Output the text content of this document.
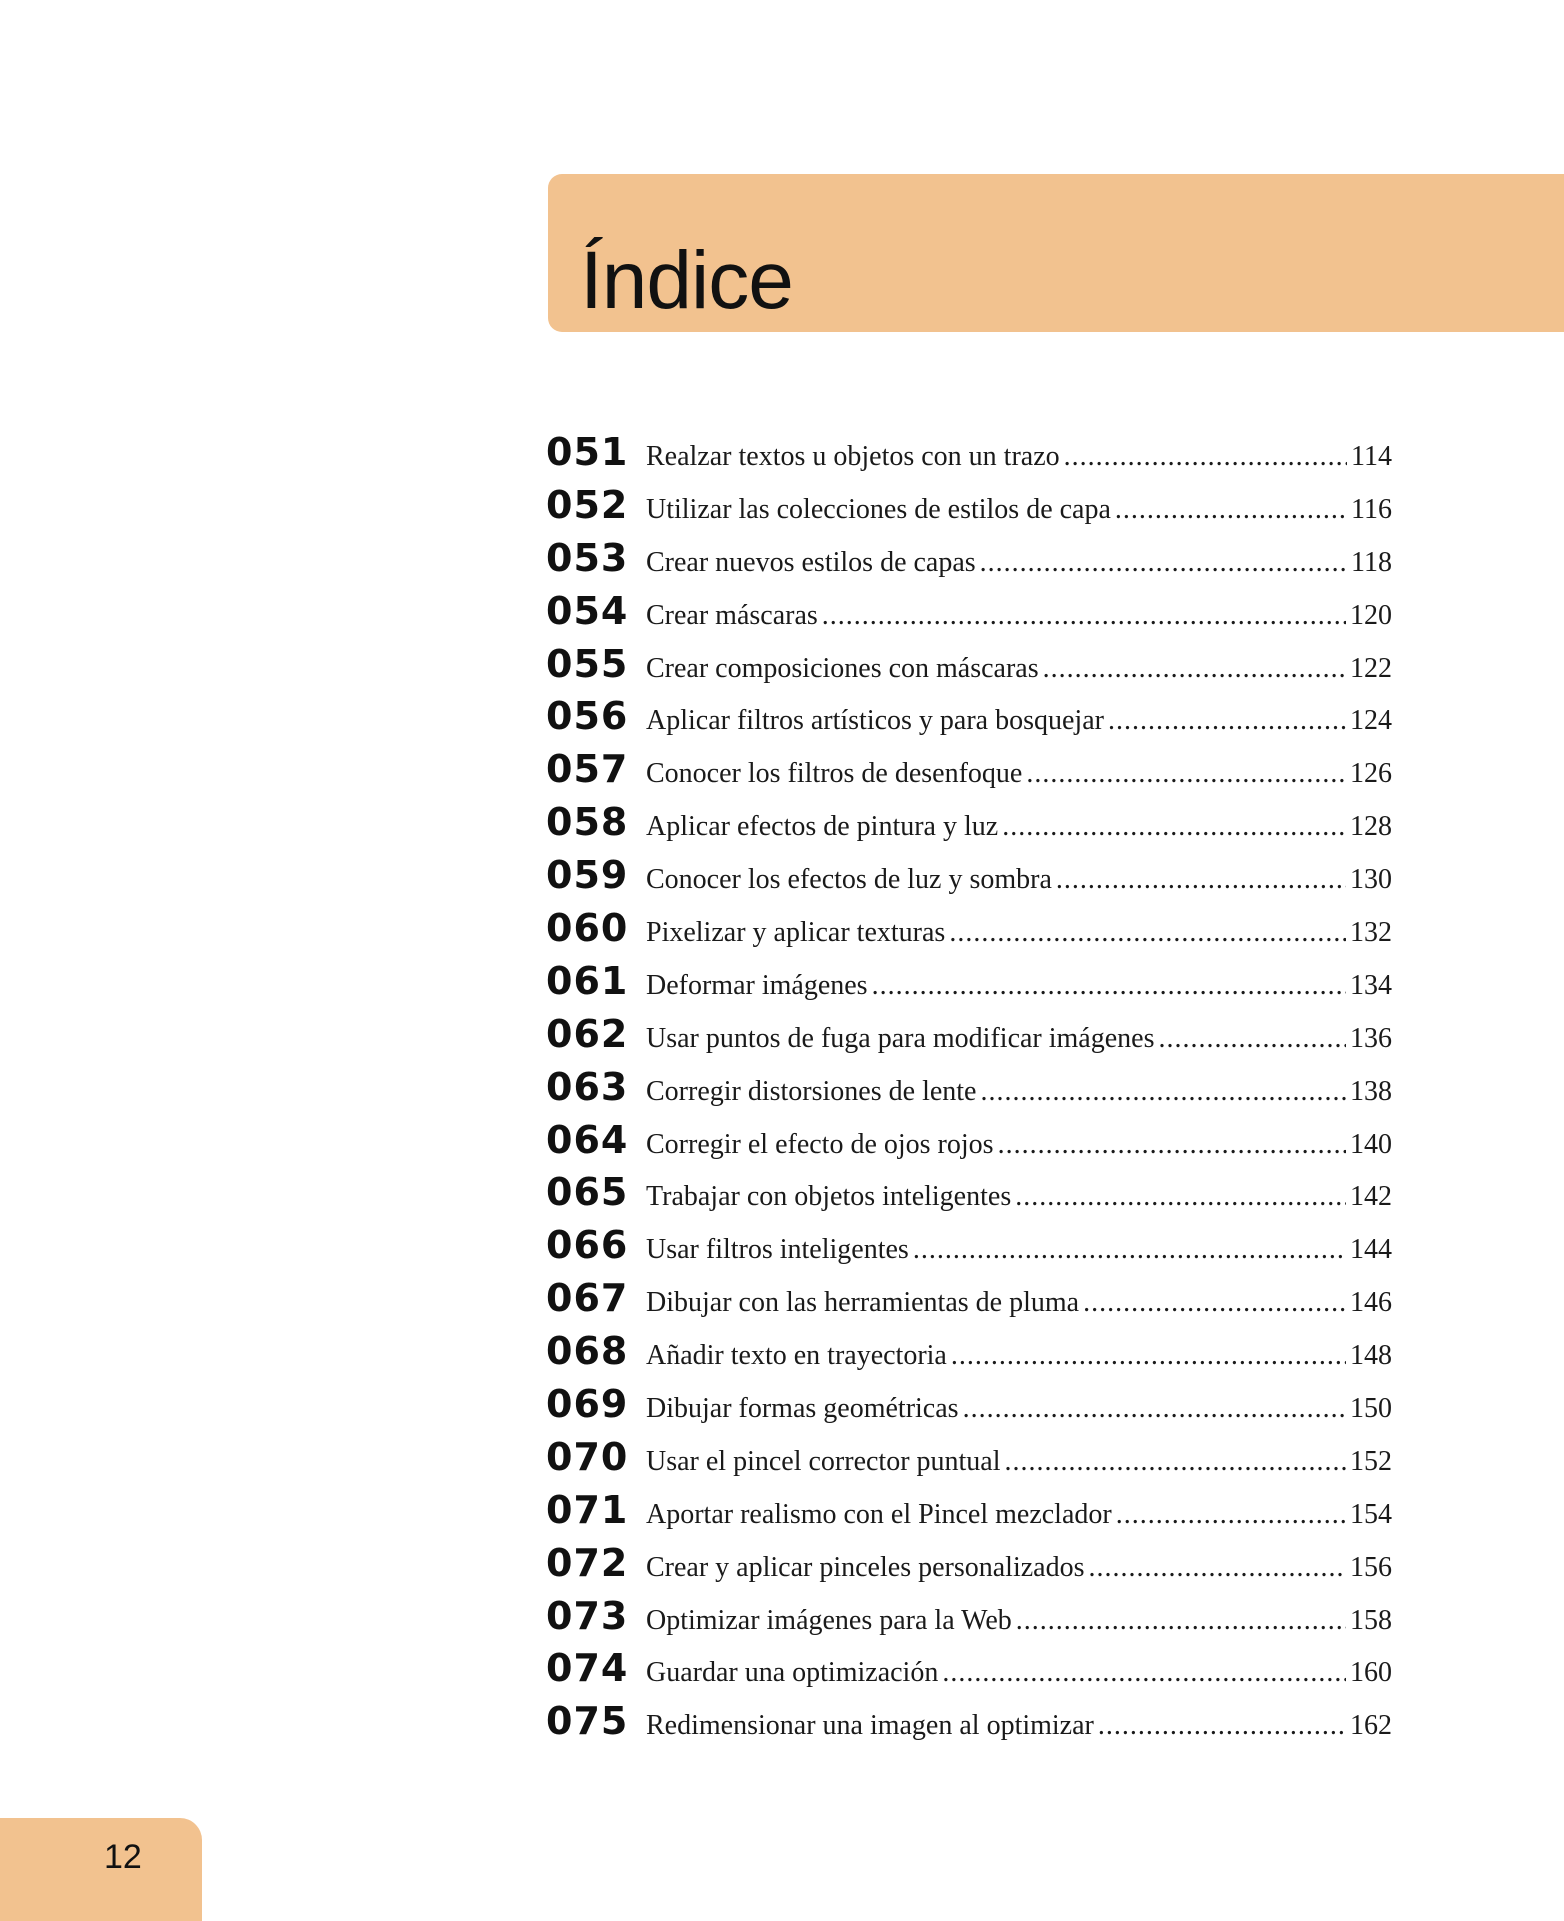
Índice
051 Realzar textos u objetos con un trazo .....	114
052 Utilizar las colecciones de estilos de capa .....	116
053 Crear nuevos estilos de capas .....	118
054 Crear máscaras .....	120
055 Crear composiciones con máscaras .....	122
056 Aplicar filtros artísticos y para bosquejar .....	124
057 Conocer los filtros de desenfoque .....	126
058 Aplicar efectos de pintura y luz .....	128
059 Conocer los efectos de luz y sombra .....	130
060 Pixelizar y aplicar texturas .....	132
061 Deformar imágenes .....	134
062 Usar puntos de fuga para modificar imágenes .....	136
063 Corregir distorsiones de lente .....	138
064 Corregir el efecto de ojos rojos .....	140
065 Trabajar con objetos inteligentes .....	142
066 Usar filtros inteligentes .....	144
067 Dibujar con las herramientas de pluma .....	146
068 Añadir texto en trayectoria .....	148
069 Dibujar formas geométricas .....	150
070 Usar el pincel corrector puntual .....	152
071 Aportar realismo con el Pincel mezclador .....	154
072 Crear y aplicar pinceles personalizados .....	156
073 Optimizar imágenes para la Web .....	158
074 Guardar una optimización .....	160
075 Redimensionar una imagen al optimizar .....	162
12
